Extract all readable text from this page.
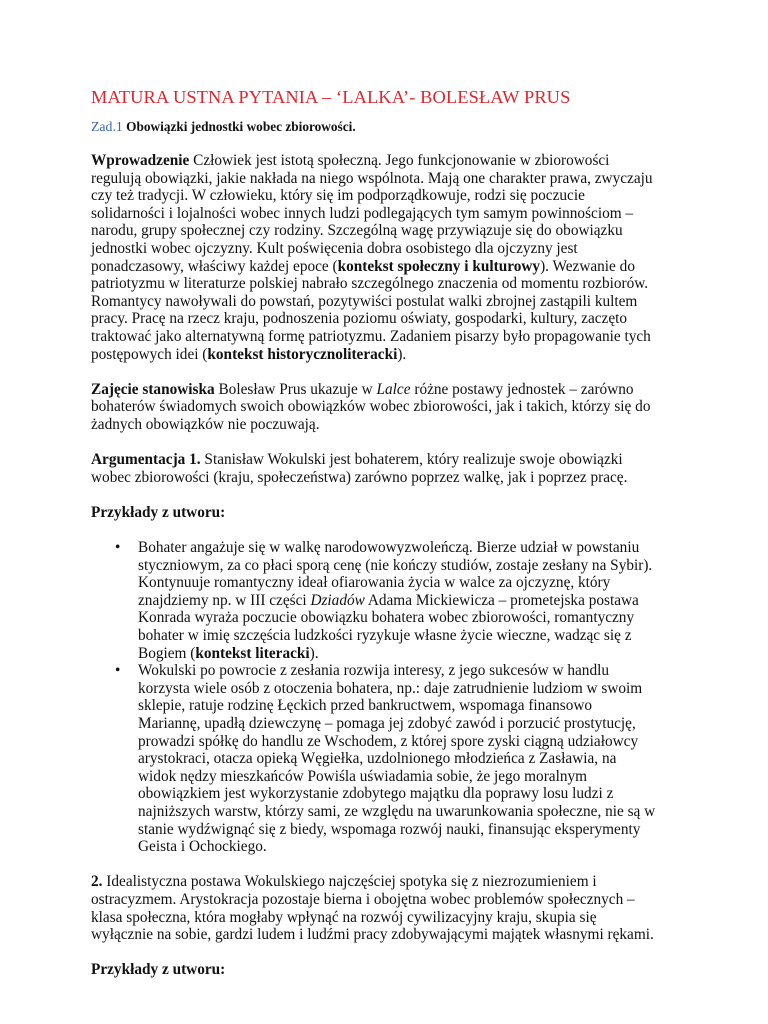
MATURA USTNA PYTANIA – ‘LALKA’- BOLESŁAW PRUS
Zad.1 Obowiązki jednostki wobec zbiorowości.

Wprowadzenie Człowiek jest istotą społeczną. Jego funkcjonowanie w zbiorowości regulują obowiązki, jakie nakłada na niego wspólnota. Mają one charakter prawa, zwyczaju czy też tradycji. W człowieku, który się im podporządkowuje, rodzi się poczucie solidarności i lojalności wobec innych ludzi podlegających tym samym powinnościom – narodu, grupy społecznej czy rodziny. Szczególną wagę przywiązuje się do obowiązku jednostki wobec ojczyzny. Kult poświęcenia dobra osobistego dla ojczyzny jest ponadczasowy, właściwy każdej epoce (kontekst społeczny i kulturowy). Wezwanie do patriotyzmu w literaturze polskiej nabrało szczególnego znaczenia od momentu rozbiorów. Romantycy nawoływali do powstań, pozytywiści postulat walki zbrojnej zastąpili kultem pracy. Pracę na rzecz kraju, podnoszenia poziomu oświaty, gospodarki, kultury, zaczęto traktować jako alternatywną formę patriotyzmu. Zadaniem pisarzy było propagowanie tych postępowych idei (kontekst historycznoliteracki).

Zajęcie stanowiska Bolesław Prus ukazuje w Lalce różne postawy jednostek – zarówno bohaterów świadomych swoich obowiązków wobec zbiorowości, jak i takich, którzy się do żadnych obowiązków nie poczuwają.

Argumentacja 1. Stanisław Wokulski jest bohaterem, który realizuje swoje obowiązki wobec zbiorowości (kraju, społeczeństwa) zarówno poprzez walkę, jak i poprzez pracę.

Przykłady z utworu:
• Bohater angażuje się w walkę narodowowyzwoleńczą. Bierze udział w powstaniu styczniowym, za co płaci sporą cenę (nie kończy studiów, zostaje zesłany na Sybir). Kontynuuje romantyczny ideał ofiarowania życia w walce za ojczyznę, który znajdziemy np. w III części Dziadów Adama Mickiewicza – prometejska postawa Konrada wyraża poczucie obowiązku bohatera wobec zbiorowości, romantyczny bohater w imię szczęścia ludzkości ryzykuje własne życie wieczne, wadząc się z Bogiem (kontekst literacki).
• Wokulski po powrocie z zesłania rozwija interesy, z jego sukcesów w handlu korzysta wiele osób z otoczenia bohatera, np.: daje zatrudnienie ludziom w swoim sklepie, ratuje rodzinę Łęckich przed bankructwem, wspomaga finansowo Mariannę, upadłą dziewczynę – pomaga jej zdobyć zawód i porzucić prostytucję, prowadzi spółkę do handlu ze Wschodem, z której spore zyski ciągną udziałowcy arystokraci, otacza opieką Węgiełka, uzdolnionego młodzieńca z Zasławia, na widok nędzy mieszkańców Powiśla uświadamia sobie, że jego moralnym obowiązkiem jest wykorzystanie zdobytego majątku dla poprawy losu ludzi z najniższych warstw, którzy sami, ze względu na uwarunkowania społeczne, nie są w stanie wydźwignąć się z biedy, wspomaga rozwój nauki, finansując eksperymenty Geista i Ochockiego.

2. Idealistyczna postawa Wokulskiego najczęściej spotyka się z niezrozumieniem i ostracyzmem. Arystokracja pozostaje bierna i obojętna wobec problemów społecznych – klasa społeczna, która mogłaby wpłynąć na rozwój cywilizacyjny kraju, skupia się wyłącznie na sobie, gardzi ludem i ludźmi pracy zdobywającymi majątek własnymi rękami.

Przykłady z utworu:
